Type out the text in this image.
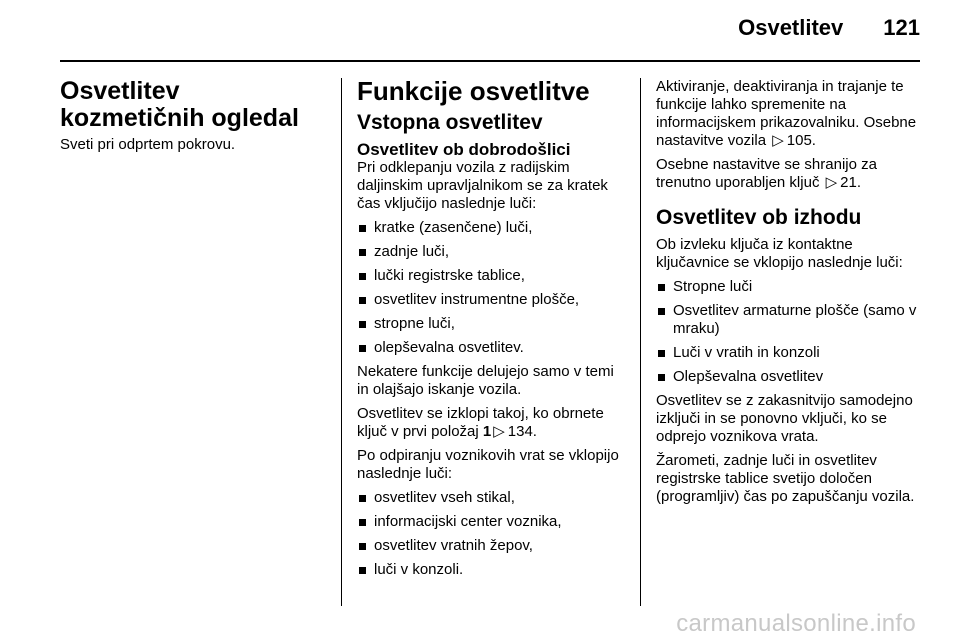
Osvetlitev 121
Osvetlitev kozmetičnih ogledal

Sveti pri odprtem pokrovu.

Funkcije osvetlitve
Vstopna osvetlitev
Osvetlitev ob dobrodošlici

Pri odklepanju vozila z radijskim daljinskim upravljalnikom se za kratek čas vključijo naslednje luči:

kratke (zasenčene) luči,
zadnje luči,
lučki registrske tablice,
osvetlitev instrumentne plošče,
stropne luči,
olepševalna osvetlitev.

Nekatere funkcije delujejo samo v temi in olajšajo iskanje vozila.

Osvetlitev se izklopi takoj, ko obrnete ključ v prvi položaj 1 ▷ 134.

Po odpiranju voznikovih vrat se vklopijo naslednje luči:

osvetlitev vseh stikal,
informacijski center voznika,
osvetlitev vratnih žepov,
luči v konzoli.

Aktiviranje, deaktiviranja in trajanje te funkcije lahko spremenite na informacijskem prikazovalniku. Osebne nastavitve vozila ▷ 105.

Osebne nastavitve se shranijo za trenutno uporabljen ključ ▷ 21.

Osvetlitev ob izhodu

Ob izvleku ključa iz kontaktne ključavnice se vklopijo naslednje luči:

Stropne luči
Osvetlitev armaturne plošče (samo v mraku)
Luči v vratih in konzoli
Olepševalna osvetlitev

Osvetlitev se z zakasnitvijo samodejno izključi in se ponovno vključi, ko se odprejo voznikova vrata.

Žarometi, zadnje luči in osvetlitev registrske tablice svetijo določen (programljiv) čas po zapuščanju vozila.

carmanualsonline.info
